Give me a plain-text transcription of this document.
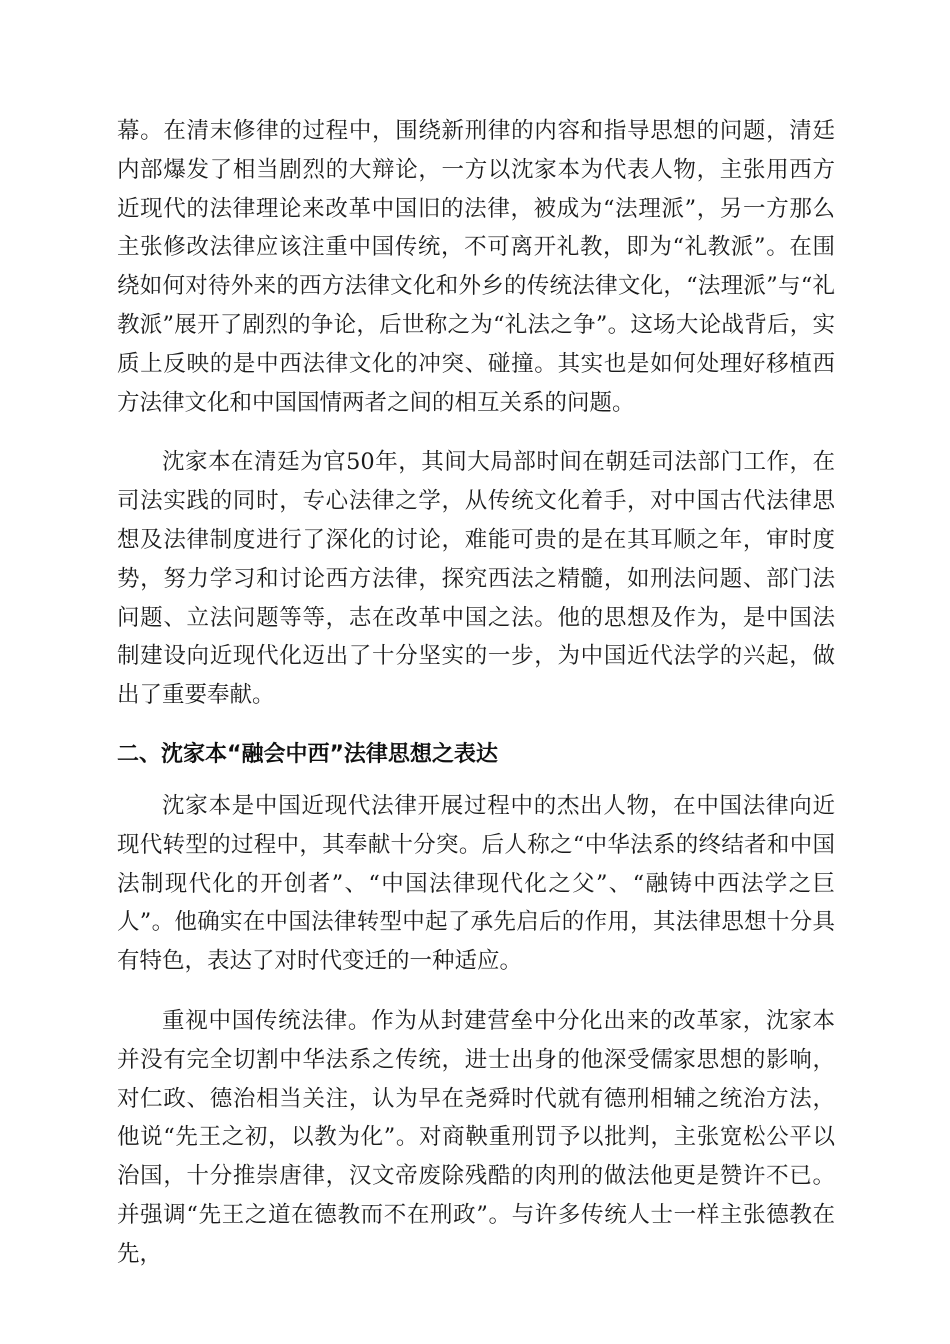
幕。在清末修律的过程中，围绕新刑律的内容和指导思想的问题，清廷内部爆发了相当剧烈的大辩论，一方以沈家本为代表人物，主张用西方近现代的法律理论来改革中国旧的法律，被成为“法理派”，另一方那么主张修改法律应该注重中国传统，不可离开礼教，即为“礼教派”。在围绕如何对待外来的西方法律文化和外乡的传统法律文化，“法理派”与“礼教派”展开了剧烈的争论，后世称之为“礼法之争”。这场大论战背后，实质上反映的是中西法律文化的冲突、碰撞。其实也是如何处理好移植西方法律文化和中国国情两者之间的相互关系的问题。

沈家本在清廷为官50年，其间大局部时间在朝廷司法部门工作，在司法实践的同时，专心法律之学，从传统文化着手，对中国古代法律思想及法律制度进行了深化的讨论，难能可贵的是在其耳顺之年，审时度势，努力学习和讨论西方法律，探究西法之精髓，如刑法问题、部门法问题、立法问题等等，志在改革中国之法。他的思想及作为，是中国法制建设向近现代化迈出了十分坚实的一步，为中国近代法学的兴起，做出了重要奉献。

二、沈家本“融会中西”法律思想之表达

沈家本是中国近现代法律开展过程中的杰出人物，在中国法律向近现代转型的过程中，其奉献十分突。后人称之“中华法系的终结者和中国法制现代化的开创者”、“中国法律现代化之父”、“融铸中西法学之巨人”。他确实在中国法律转型中起了承先启后的作用，其法律思想十分具有特色，表达了对时代变迁的一种适应。

重视中国传统法律。作为从封建营垒中分化出来的改革家，沈家本并没有完全切割中华法系之传统，进士出身的他深受儒家思想的影响，对仁政、德治相当关注，认为早在尧舜时代就有德刑相辅之统治方法，他说“先王之初，以教为化”。对商鞅重刑罚予以批判，主张宽松公平以治国，十分推崇唐律，汉文帝废除残酷的肉刑的做法他更是赞许不已。并强调“先王之道在德教而不在刑政”。与许多传统人士一样主张德教在先，
